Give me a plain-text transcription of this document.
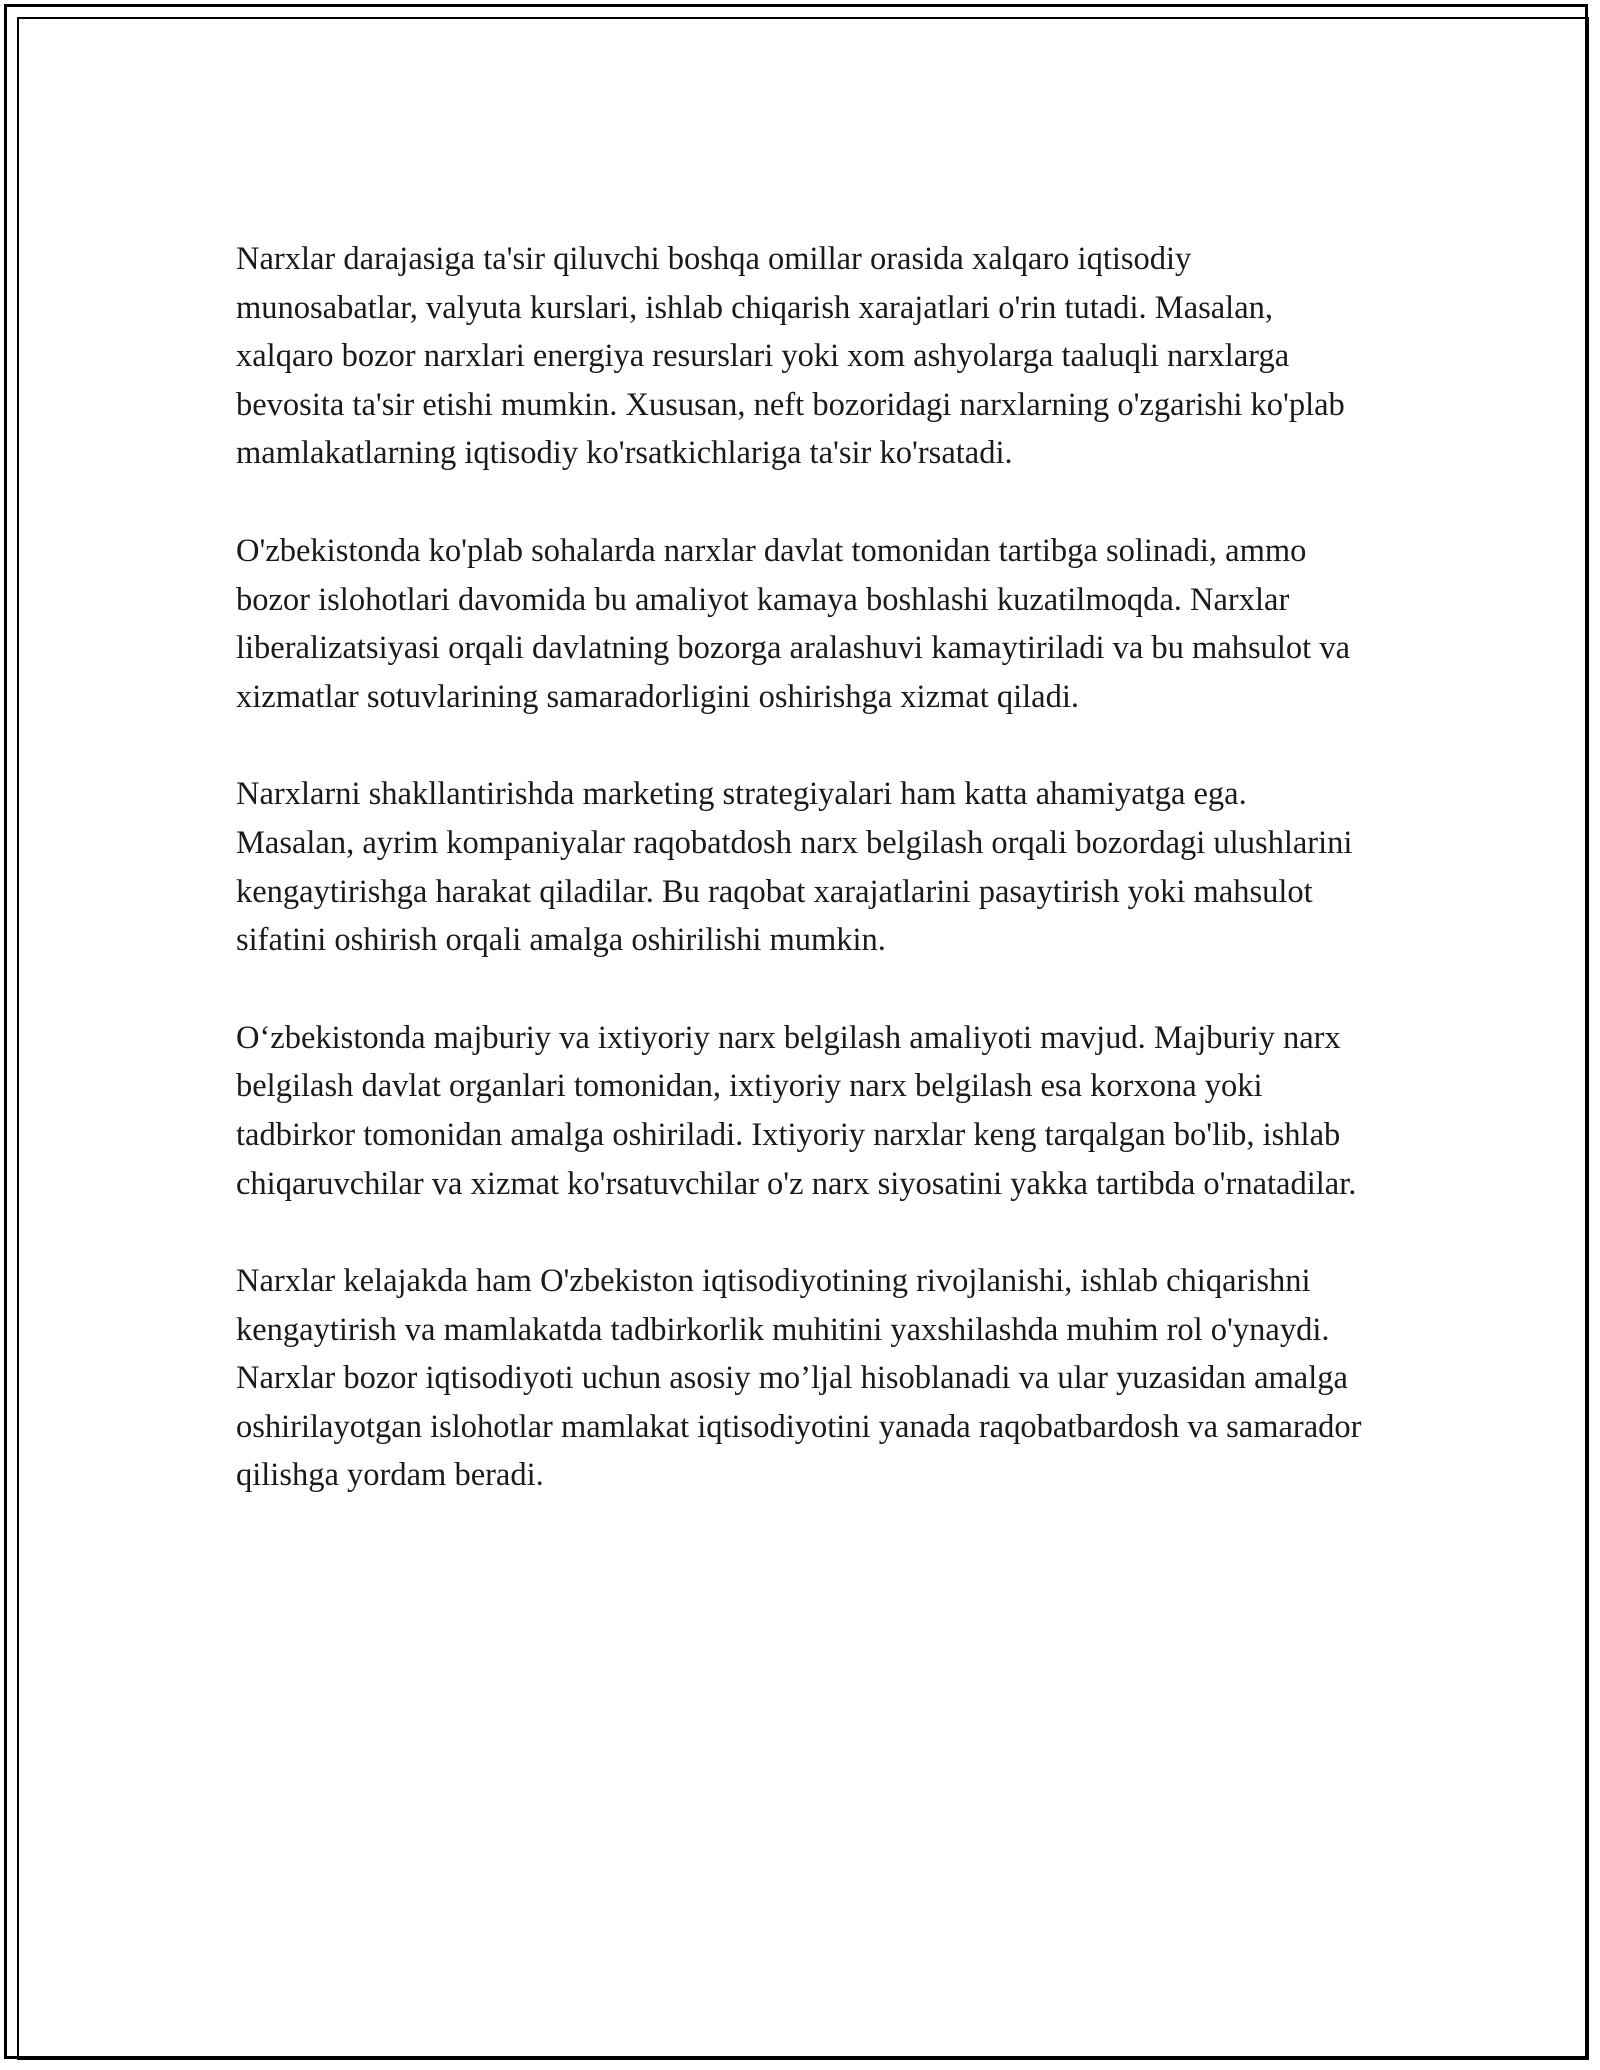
Narxlar darajasiga ta'sir qiluvchi boshqa omillar orasida xalqaro iqtisodiy munosabatlar, valyuta kurslari, ishlab chiqarish xarajatlari o'rin tutadi. Masalan, xalqaro bozor narxlari energiya resurslari yoki xom ashyolarga taaluqli narxlarga bevosita ta'sir etishi mumkin. Xususan, neft bozoridagi narxlarning o'zgarishi ko'plab mamlakatlarning iqtisodiy ko'rsatkichlariga ta'sir ko'rsatadi.

O'zbekistonda ko'plab sohalarda narxlar davlat tomonidan tartibga solinadi, ammo bozor islohotlari davomida bu amaliyot kamaya boshlashi kuzatilmoqda. Narxlar liberalizatsiyasi orqali davlatning bozorga aralashuvi kamaytiriladi va bu mahsulot va xizmatlar sotuvlarining samaradorligini oshirishga xizmat qiladi.

Narxlarni shakllantirishda marketing strategiyalari ham katta ahamiyatga ega. Masalan, ayrim kompaniyalar raqobatdosh narx belgilash orqali bozordagi ulushlarini kengaytirishga harakat qiladilar. Bu raqobat xarajatlarini pasaytirish yoki mahsulot sifatini oshirish orqali amalga oshirilishi mumkin.

O‘zbekistonda majburiy va ixtiyoriy narx belgilash amaliyoti mavjud. Majburiy narx belgilash davlat organlari tomonidan, ixtiyoriy narx belgilash esa korxona yoki tadbirkor tomonidan amalga oshiriladi. Ixtiyoriy narxlar keng tarqalgan bo'lib, ishlab chiqaruvchilar va xizmat ko'rsatuvchilar o'z narx siyosatini yakka tartibda o'rnatadilar.

Narxlar kelajakda ham O'zbekiston iqtisodiyotining rivojlanishi, ishlab chiqarishni kengaytirish va mamlakatda tadbirkorlik muhitini yaxshilashda muhim rol o'ynaydi. Narxlar bozor iqtisodiyoti uchun asosiy mo’ljal hisoblanadi va ular yuzasidan amalga oshirilayotgan islohotlar mamlakat iqtisodiyotini yanada raqobatbardosh va samarador qilishga yordam beradi.
